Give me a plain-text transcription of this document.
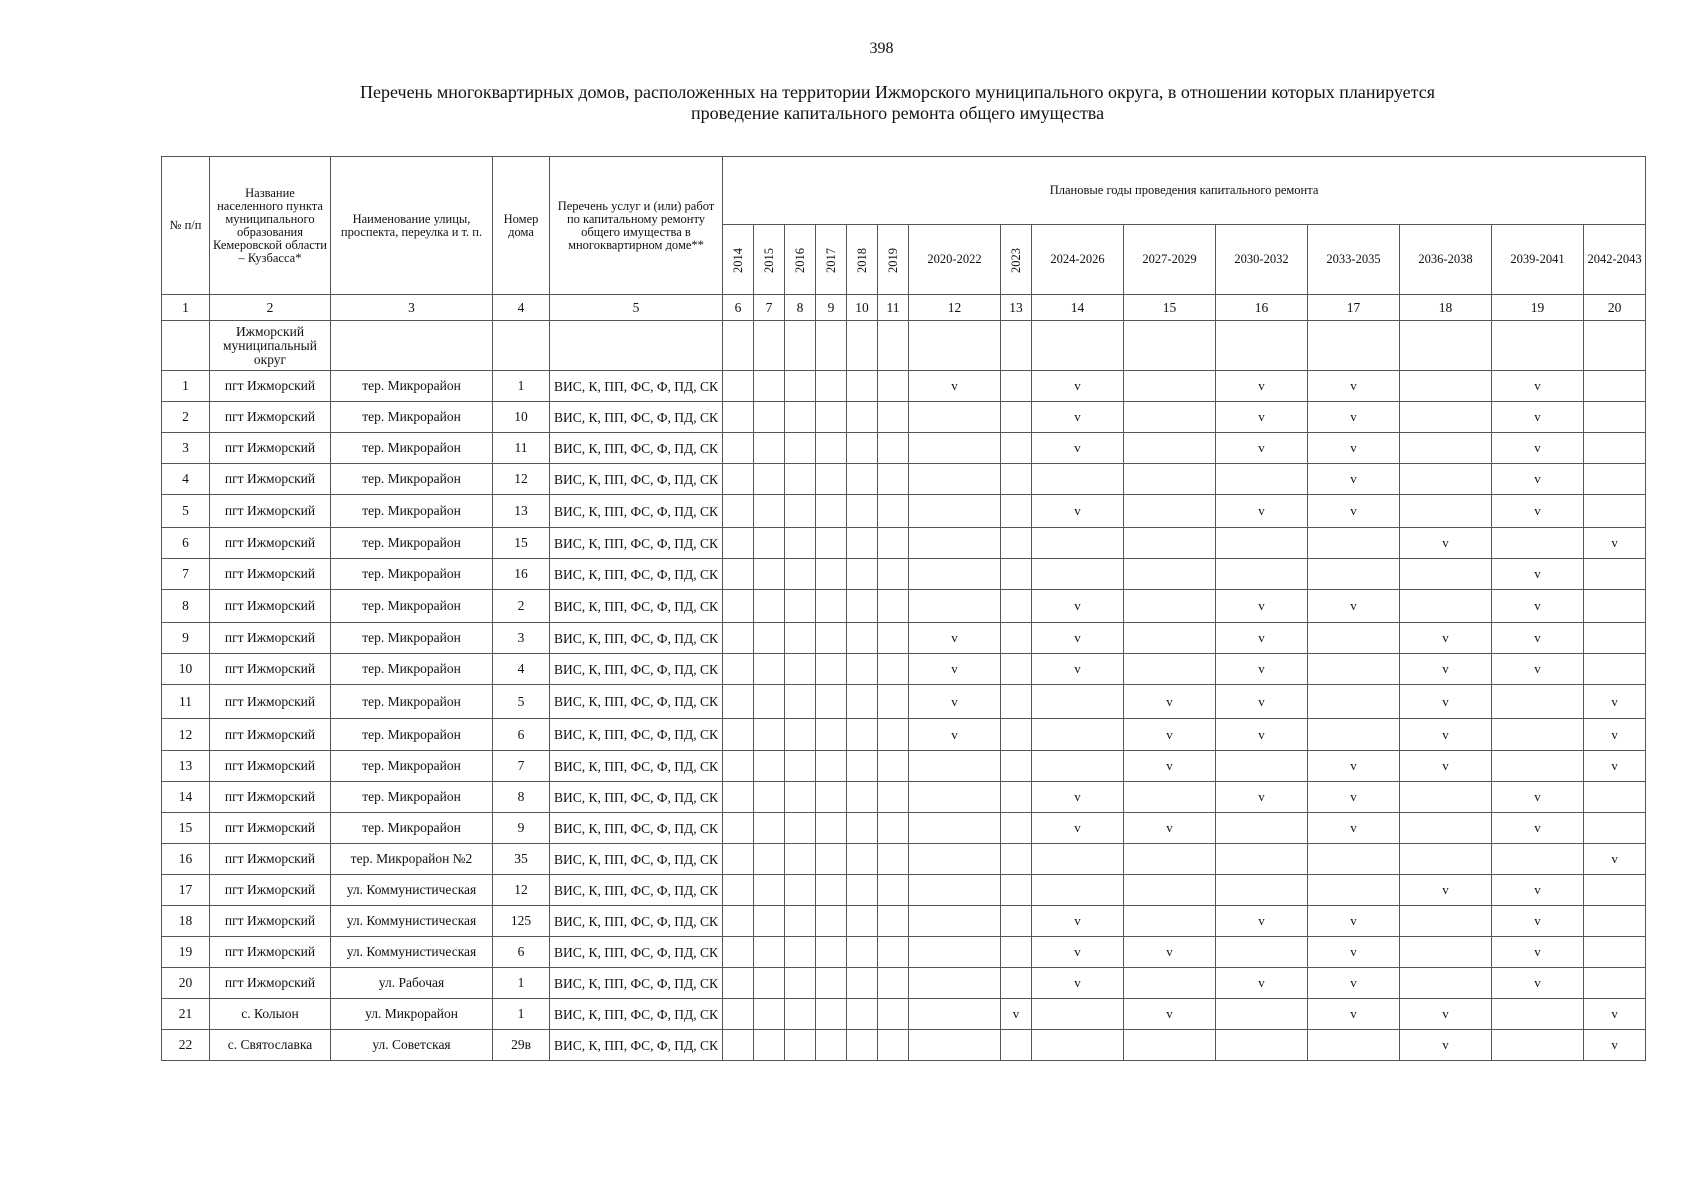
398
Перечень многоквартирных домов, расположенных на территории Ижморского муниципального округа, в отношении которых планируется проведение капитального ремонта общего имущества
№ п/п	Название населенного пункта муниципального образования Кемеровской области – Кузбасса*	Наименование улицы, проспекта, переулка и т. п.	Номер дома	Перечень услуг и (или) работ по капитальному ремонту общего имущества в многоквартирном доме**	Плановые годы проведения капитального ремонта														
					2014	2015	2016	2017	2018	2019	2020-2022	2023	2024-2026	2027-2029	2030-2032	2033-2035	2036-2038	2039-2041	2042-2043
1	2	3	4	5	6	7	8	9	10	11	12	13	14	15	16	17	18	19	20
	Ижморский муниципальный округ																		
1	пгт Ижморский	тер. Микрорайон	1	ВИС, К, ПП, ФС, Ф, ПД, СК							v		v		v	v		v	
2	пгт Ижморский	тер. Микрорайон	10	ВИС, К, ПП, ФС, Ф, ПД, СК									v		v	v		v	
3	пгт Ижморский	тер. Микрорайон	11	ВИС, К, ПП, ФС, Ф, ПД, СК									v		v	v		v	
4	пгт Ижморский	тер. Микрорайон	12	ВИС, К, ПП, ФС, Ф, ПД, СК												v		v	
5	пгт Ижморский	тер. Микрорайон	13	ВИС, К, ПП, ФС, Ф, ПД, СК									v		v	v		v	
6	пгт Ижморский	тер. Микрорайон	15	ВИС, К, ПП, ФС, Ф, ПД, СК													v		v
7	пгт Ижморский	тер. Микрорайон	16	ВИС, К, ПП, ФС, Ф, ПД, СК														v	
8	пгт Ижморский	тер. Микрорайон	2	ВИС, К, ПП, ФС, Ф, ПД, СК									v		v	v		v	
9	пгт Ижморский	тер. Микрорайон	3	ВИС, К, ПП, ФС, Ф, ПД, СК							v		v		v		v	v	
10	пгт Ижморский	тер. Микрорайон	4	ВИС, К, ПП, ФС, Ф, ПД, СК							v		v		v		v	v	
11	пгт Ижморский	тер. Микрорайон	5	ВИС, К, ПП, ФС, Ф, ПД, СК							v			v	v		v		v
12	пгт Ижморский	тер. Микрорайон	6	ВИС, К, ПП, ФС, Ф, ПД, СК							v			v	v		v		v
13	пгт Ижморский	тер. Микрорайон	7	ВИС, К, ПП, ФС, Ф, ПД, СК										v		v	v		v
14	пгт Ижморский	тер. Микрорайон	8	ВИС, К, ПП, ФС, Ф, ПД, СК									v		v	v		v	
15	пгт Ижморский	тер. Микрорайон	9	ВИС, К, ПП, ФС, Ф, ПД, СК									v	v		v		v	
16	пгт Ижморский	тер. Микрорайон №2	35	ВИС, К, ПП, ФС, Ф, ПД, СК															v
17	пгт Ижморский	ул. Коммунистическая	12	ВИС, К, ПП, ФС, Ф, ПД, СК													v	v	
18	пгт Ижморский	ул. Коммунистическая	125	ВИС, К, ПП, ФС, Ф, ПД, СК									v		v	v		v	
19	пгт Ижморский	ул. Коммунистическая	6	ВИС, К, ПП, ФС, Ф, ПД, СК									v	v		v		v	
20	пгт Ижморский	ул. Рабочая	1	ВИС, К, ПП, ФС, Ф, ПД, СК									v		v	v		v	
21	с. Колыон	ул. Микрорайон	1	ВИС, К, ПП, ФС, Ф, ПД, СК								v		v		v	v		v
22	с. Святославка	ул. Советская	29в	ВИС, К, ПП, ФС, Ф, ПД, СК													v		v
